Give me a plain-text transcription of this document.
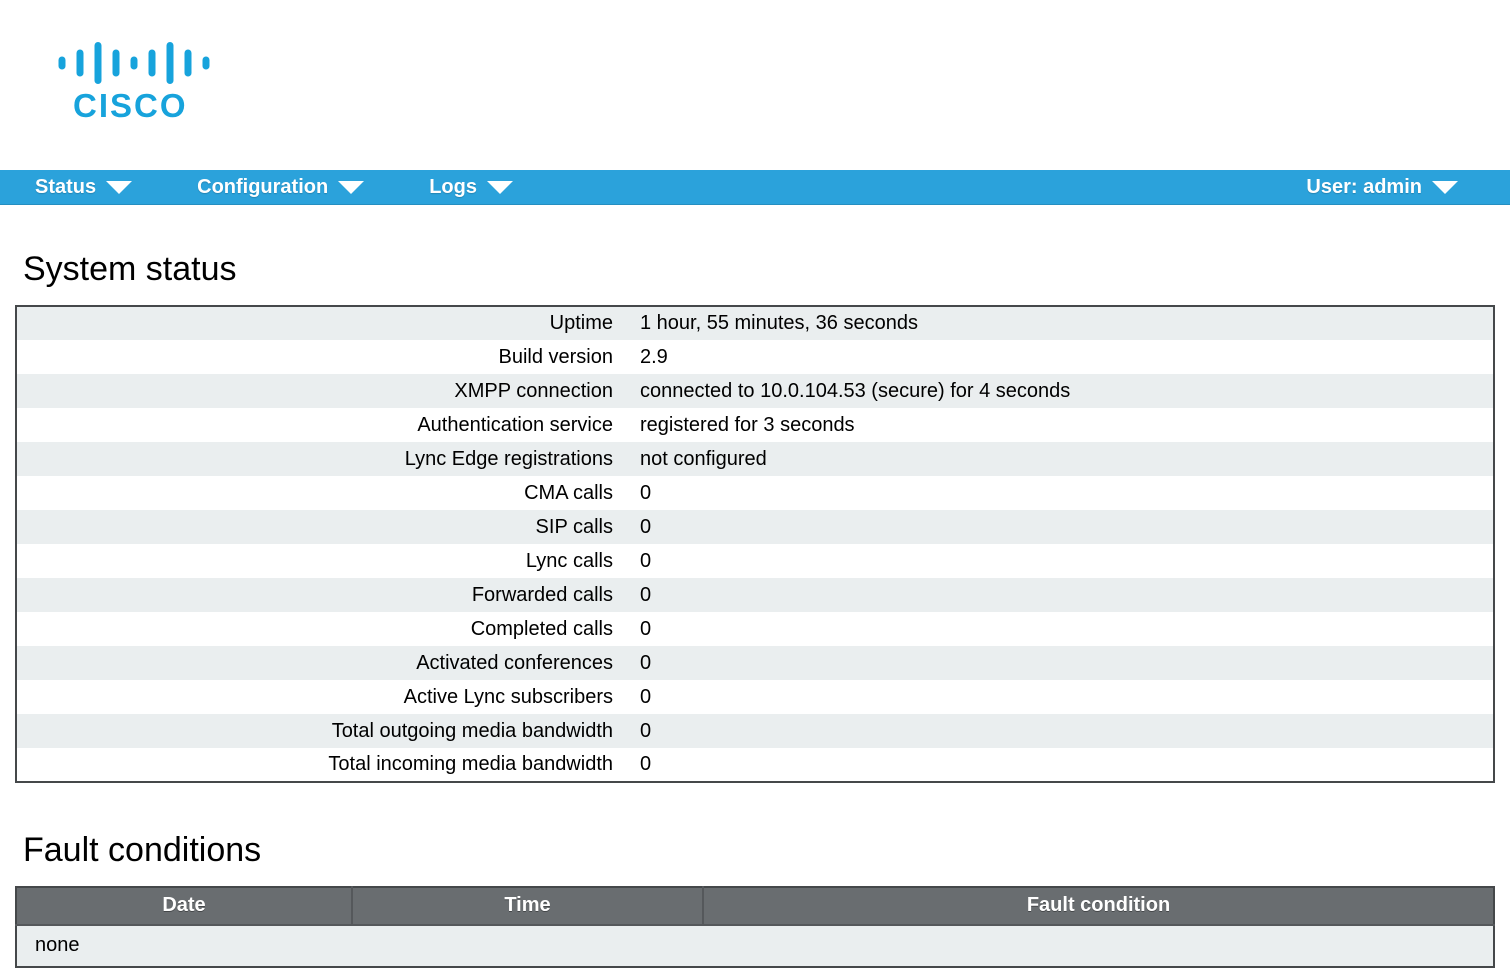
CISCO
Status	Configuration	Logs	User: admin
System status
Uptime	1 hour, 55 minutes, 36 seconds
Build version	2.9
XMPP connection	connected to 10.0.104.53 (secure) for 4 seconds
Authentication service	registered for 3 seconds
Lync Edge registrations	not configured
CMA calls	0
SIP calls	0
Lync calls	0
Forwarded calls	0
Completed calls	0
Activated conferences	0
Active Lync subscribers	0
Total outgoing media bandwidth	0
Total incoming media bandwidth	0
Fault conditions
Date	Time	Fault condition
none
